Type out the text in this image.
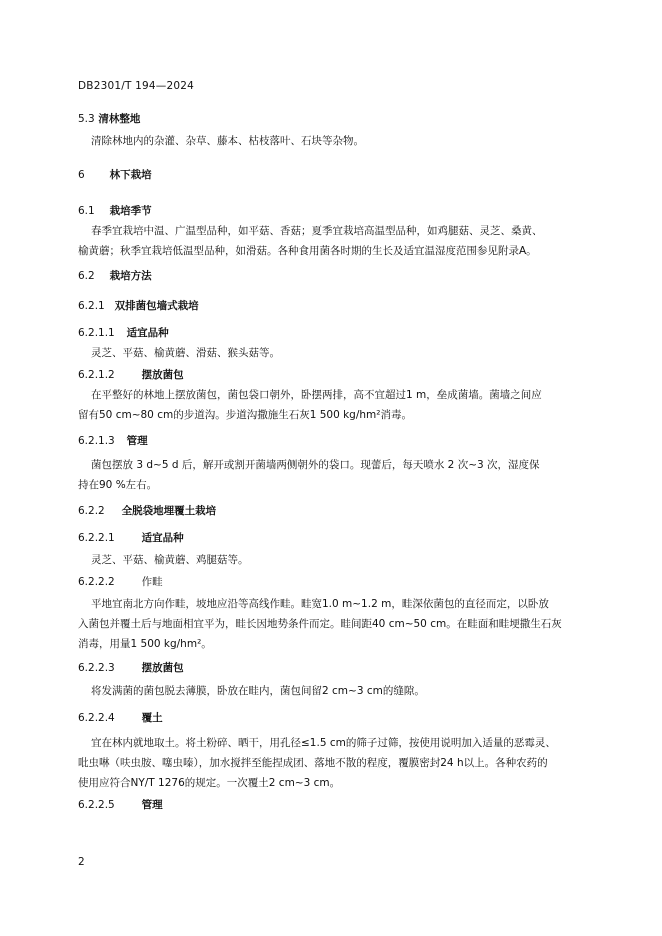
DB2301/T 194—2024
5.3 清林整地
清除林地内的杂灌、杂草、藤本、枯枝落叶、石块等杂物。
6 林下栽培
6.1 栽培季节
春季宜栽培中温、广温型品种，如平菇、香菇；夏季宜栽培高温型品种，如鸡腿菇、灵芝、桑黄、
榆黄蘑；秋季宜栽培低温型品种，如滑菇。各种食用菌各时期的生长及适宜温湿度范围参见附录A。
6.2 栽培方法
6.2.1 双排菌包墙式栽培
6.2.1.1 适宜品种
灵芝、平菇、榆黄蘑、滑菇、猴头菇等。
6.2.1.2	摆放菌包
在平整好的林地上摆放菌包，菌包袋口朝外，卧摆两排，高不宜超过1 m，垒成菌墙。菌墙之间应
留有50 cm~80 cm的步道沟。步道沟撒施生石灰1 500 kg/hm²消毒。
6.2.1.3 管理
菌包摆放 3 d~5 d 后，解开或割开菌墙两侧朝外的袋口。现蕾后，每天喷水 2 次~3 次，湿度保
持在90 %左右。
6.2.2 全脱袋地埋覆土栽培
6.2.2.1	适宜品种
灵芝、平菇、榆黄蘑、鸡腿菇等。
6.2.2.2	作畦
平地宜南北方向作畦，坡地应沿等高线作畦。畦宽1.0 m~1.2 m，畦深依菌包的直径而定，以卧放
入菌包并覆土后与地面相宜平为，畦长因地势条件而定。畦间距40 cm~50 cm。在畦面和畦埂撒生石灰
消毒，用量1 500 kg/hm²。
6.2.2.3	摆放菌包
将发满菌的菌包脱去薄膜，卧放在畦内，菌包间留2 cm~3 cm的缝隙。
6.2.2.4	覆土
宜在林内就地取土。将土粉碎、晒干，用孔径≤1.5 cm的筛子过筛，按使用说明加入适量的恶霉灵、
吡虫啉（呋虫胺、噻虫嗪），加水搅拌至能捏成团、落地不散的程度，覆膜密封24 h以上。各种农药的
使用应符合NY/T 1276的规定。一次覆土2 cm~3 cm。
6.2.2.5	管理
2
